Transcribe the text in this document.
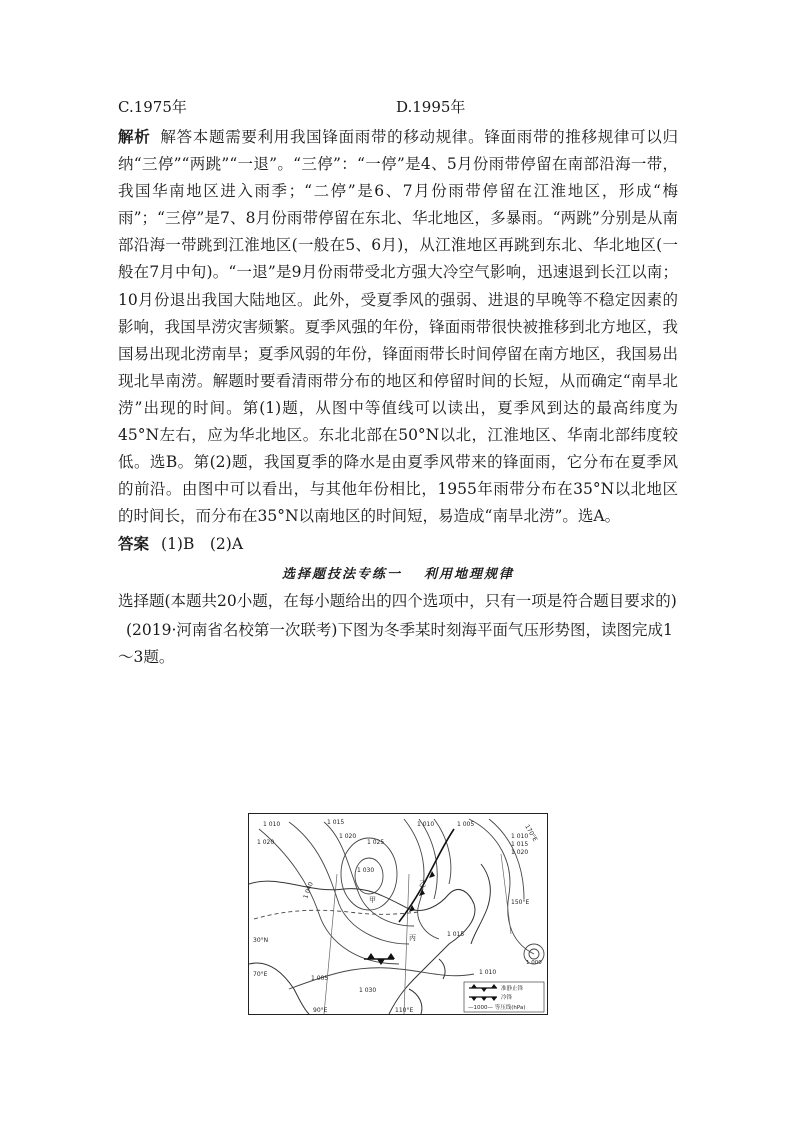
C.1975年	D.1995年

解析 解答本题需要利用我国锋面雨带的移动规律。锋面雨带的推移规律可以归纳“三停”“两跳”“一退”。“三停”：“一停”是4、5月份雨带停留在南部沿海一带，我国华南地区进入雨季；“二停”是6、7月份雨带停留在江淮地区，形成“梅雨”；“三停”是7、8月份雨带停留在东北、华北地区，多暴雨。“两跳”分别是从南部沿海一带跳到江淮地区(一般在5、6月)，从江淮地区再跳到东北、华北地区(一般在7月中旬)。“一退”是9月份雨带受北方强大冷空气影响，迅速退到长江以南；10月份退出我国大陆地区。此外，受夏季风的强弱、进退的早晚等不稳定因素的影响，我国旱涝灾害频繁。夏季风强的年份，锋面雨带很快被推移到北方地区，我国易出现北涝南旱；夏季风弱的年份，锋面雨带长时间停留在南方地区，我国易出现北旱南涝。解题时要看清雨带分布的地区和停留时间的长短，从而确定“南旱北涝”出现的时间。第(1)题，从图中等值线可以读出，夏季风到达的最高纬度为45°N左右，应为华北地区。东北北部在50°N以北，江淮地区、华南北部纬度较低。选B。第(2)题，我国夏季的降水是由夏季风带来的锋面雨，它分布在夏季风的前沿。由图中可以看出，与其他年份相比，1955年雨带分布在35°N以北地区的时间长，而分布在35°N以南地区的时间短，易造成“南旱北涝”。选A。

答案 (1)B　(2)A
选择题技法专练一 利用地理规律
选择题(本题共20小题，在每小题给出的四个选项中，只有一项是符合题目要求的)
(2019·河南省名校第一次联考)下图为冬季某时刻海平面气压形势图，读图完成1～3题。
1 010	1 015
1 020
1 025
1 020
1 010	1 005
1 010
1 015
1 020
1 030
1 040
甲
乙
丙	1 015
1 010
1 005
1 000
1 030
150°E
170°E
90°E	110°E
70°E
30°N
准静止锋
冷锋
—1000— 等压线(hPa)
